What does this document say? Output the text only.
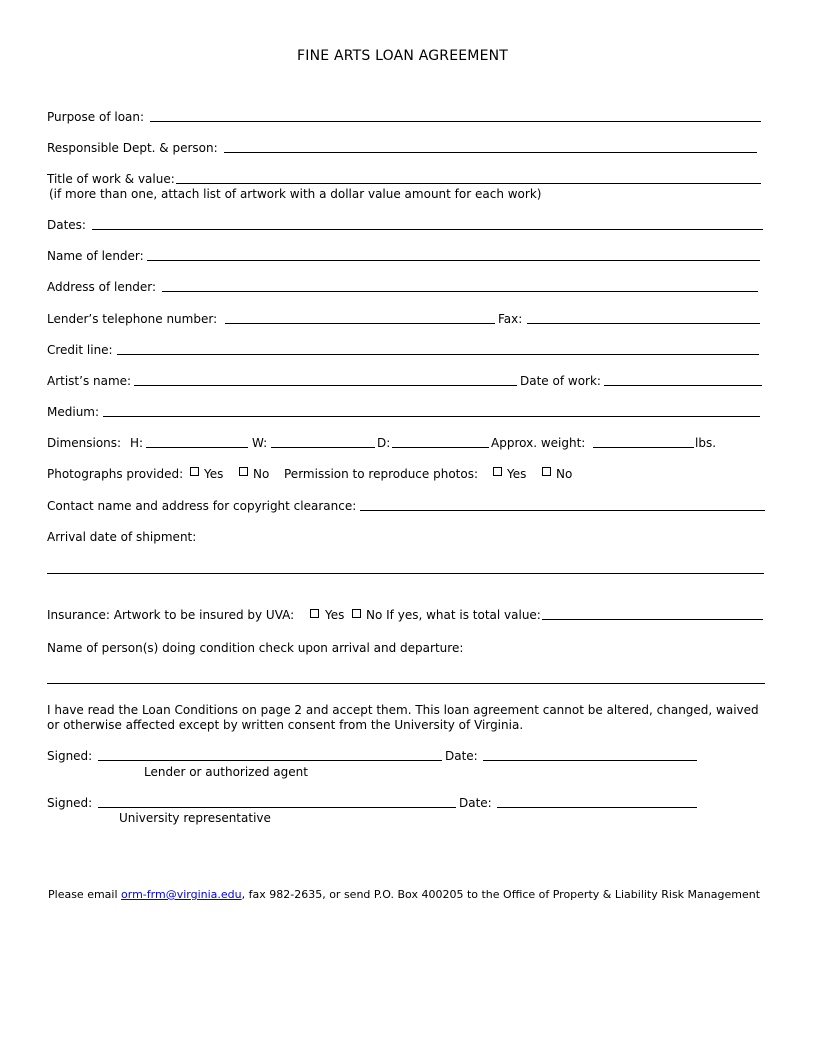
FINE ARTS LOAN AGREEMENT
Purpose of loan:
Responsible Dept. & person:
Title of work & value:
(if more than one, attach list of artwork with a dollar value amount for each work)
Dates:
Name of lender:
Address of lender:
Lender’s telephone number:	Fax:
Credit line:
Artist’s name:	Date of work:
Medium:
Dimensions: H:	W:	D:	Approx. weight:	lbs.
Photographs provided: Yes No Permission to reproduce photos: Yes No
Contact name and address for copyright clearance:
Arrival date of shipment:
Insurance: Artwork to be insured by UVA:	Yes No If yes, what is total value:
Name of person(s) doing condition check upon arrival and departure:
I have read the Loan Conditions on page 2 and accept them. This loan agreement cannot be altered, changed, waived
or otherwise affected except by written consent from the University of Virginia.
Signed:	Date:
Lender or authorized agent
Signed:	Date:
University representative
Please email orm-frm@virginia.edu, fax 982-2635, or send P.O. Box 400205 to the Office of Property & Liability Risk Management
